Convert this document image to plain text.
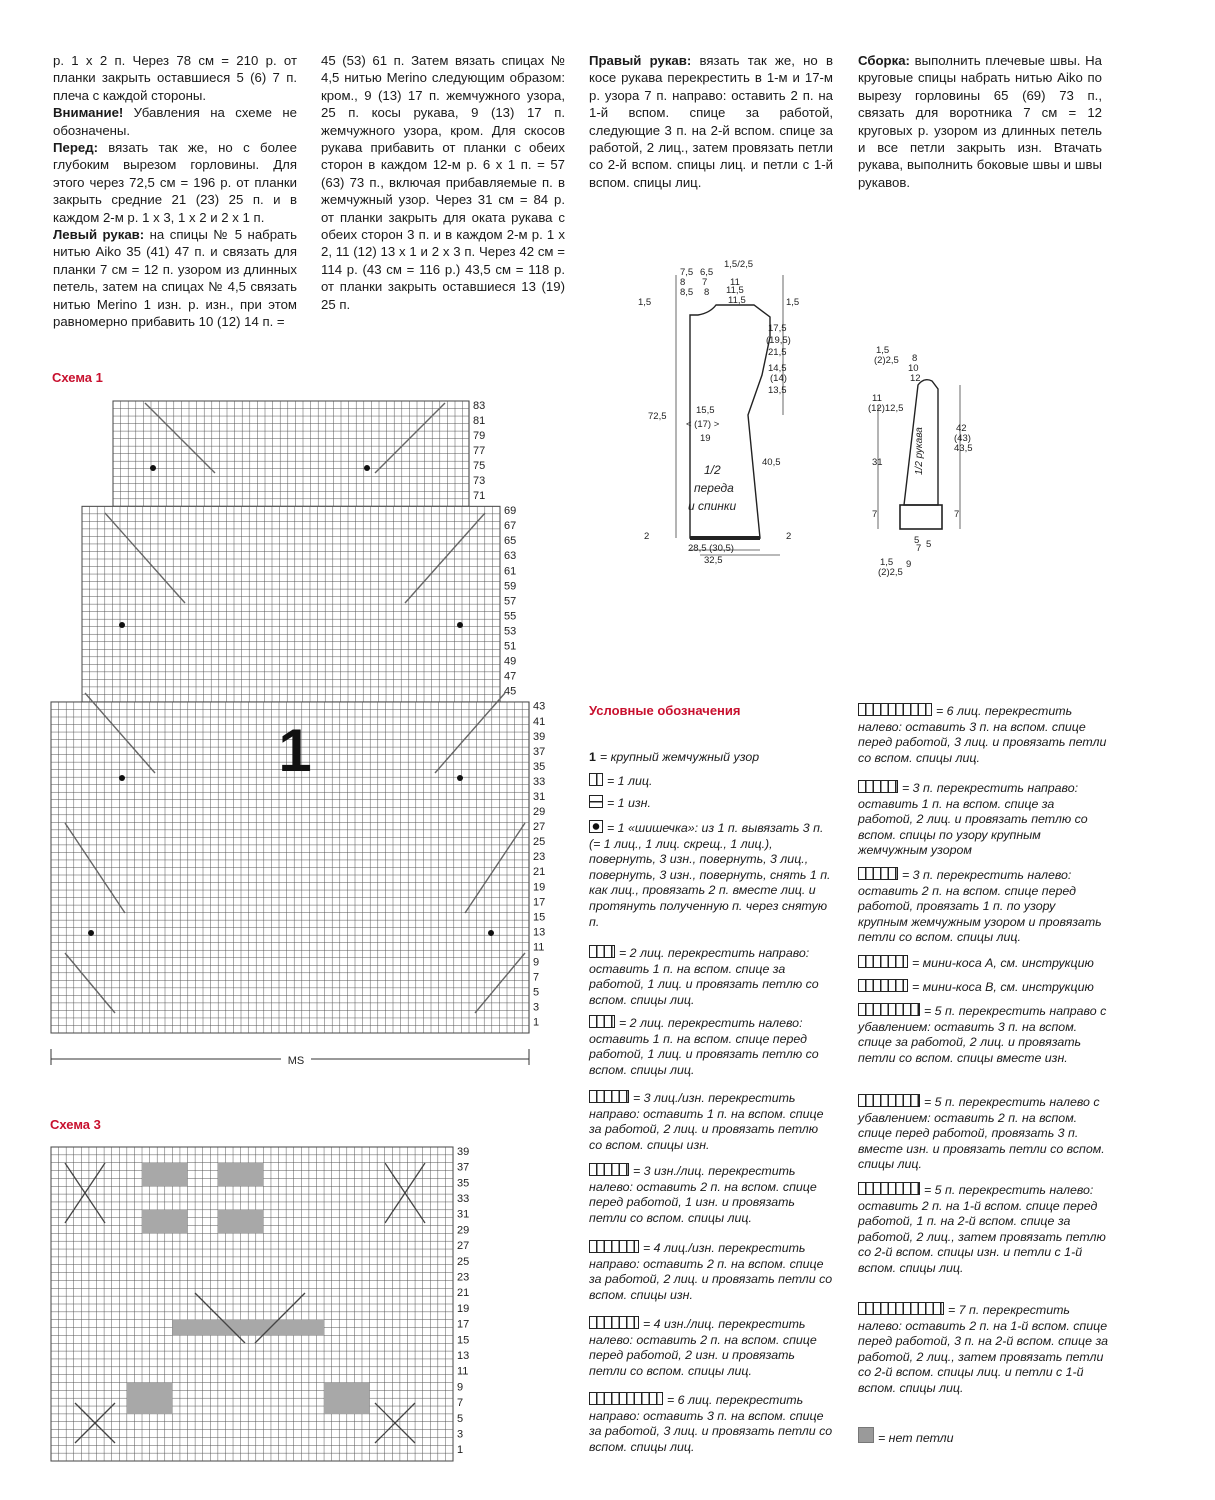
р. 1 х 2 п. Через 78 см = 210 р. от планки закрыть оставшиеся 5 (6) 7 п. плеча с каждой стороны.

Внимание! Убавления на схеме не обозначены.

Перед: вязать так же, но с более глубоким вырезом горловины. Для этого через 72,5 см = 196 р. от планки закрыть средние 21 (23) 25 п. и в каждом 2-м р. 1 х 3, 1 х 2 и 2 х 1 п.

Левый рукав: на спицы № 5 набрать нитью Aiko 35 (41) 47 п. и связать для планки 7 см = 12 п. узором из длинных петель, затем на спицах № 4,5 связать нитью Merino 1 изн. р. изн., при этом равномерно прибавить 10 (12) 14 п. =

45 (53) 61 п. Затем вязать спицах № 4,5 нитью Merino следующим образом: кром., 9 (13) 17 п. жемчужного узора, 25 п. косы рукава, 9 (13) 17 п. жемчужного узора, кром. Для скосов рукава прибавить от планки с обеих сторон в каждом 12-м р. 6 х 1 п. = 57 (63) 73 п., включая прибавляемые п. в жемчужный узор. Через 31 см = 84 р. от планки закрыть для оката рукава с обеих сторон 3 п. и в каждом 2-м р. 1 х 2, 11 (12) 13 х 1 и 2 х 3 п. Через 42 см = 114 р. (43 см = 116 р.) 43,5 см = 118 р. от планки закрыть оставшиеся 13 (19) 25 п.

Правый рукав: вязать так же, но в косе рукава перекрестить в 1-м и 17-м р. узора 7 п. направо: оставить 2 п. на 1-й вспом. спице за работой, следующие 3 п. на 2-й вспом. спице за работой, 2 лиц., затем провязать петли со 2-й вспом. спицы лиц. и петли с 1-й вспом. спицы лиц.

Сборка: выполнить плечевые швы. На круговые спицы набрать нитью Aiko по вырезу горловины 65 (69) 73 п., связать для воротника 7 см = 12 круговых р. узором из длинных петель и все петли закрыть изн. Втачать рукава, выполнить боковые швы и швы рукавов.

Схема 1
1
83
81
79
77
75
73
71
69
67
65
63
61
59
57
55
53
51
49
47
45
43
41
39
37
35
33
31
29
27
25
23
21
19
17
15
13
11
9
7
5
3
1
MS
Схема 3
39
37
35
33
31
29
27
25
23
21
19
17
15
13
11
9
7
5
3
1
7,5 6,5
1,5/2,5
8 7 11
8,5 8 11,5
11,5
1,5	1,5
17,5
(19,5)
21,5
14,5
(14)
13,5
15,5
< (17) >
19
72,5
40,5
1/2
переда
и спинки
2	2
28,5 (30,5)
32,5
1,5
(2)2,5 8
10
12
11
(12)12,5
42
(43)
43,5
31	1/2 рукава
7	7
5
7 5
1,5
(2)2,5
9
Условные обозначения
1 = крупный жемчужный узор
= 1 лиц.
= 1 изн.
= 1 «шишечка»: из 1 п. вывязать 3 п. (= 1 лиц., 1 лиц. скрещ., 1 лиц.), повернуть, 3 изн., повернуть, 3 лиц., повернуть, 3 изн., повернуть, снять 1 п. как лиц., провязать 2 п. вместе лиц. и протянуть полученную п. через снятую п.
= 2 лиц. перекрестить направо: оставить 1 п. на вспом. спице за работой, 1 лиц. и провязать петлю со вспом. спицы лиц.
= 2 лиц. перекрестить налево: оставить 1 п. на вспом. спице перед работой, 1 лиц. и провязать петлю со вспом. спицы лиц.
= 3 лиц./изн. перекрестить направо: оставить 1 п. на вспом. спице за работой, 2 лиц. и провязать петлю со вспом. спицы изн.
= 3 изн./лиц. перекрестить налево: оставить 2 п. на вспом. спице перед работой, 1 изн. и провязать петли со вспом. спицы лиц.
= 4 лиц./изн. перекрестить направо: оставить 2 п. на вспом. спице за работой, 2 лиц. и провязать петли со вспом. спицы изн.
= 4 изн./лиц. перекрестить налево: оставить 2 п. на вспом. спице перед работой, 2 изн. и провязать петли со вспом. спицы лиц.
= 6 лиц. перекрестить направо: оставить 3 п. на вспом. спице за работой, 3 лиц. и провязать петли со вспом. спицы лиц.
= 6 лиц. перекрестить налево: оставить 3 п. на вспом. спице перед работой, 3 лиц. и провязать петли со вспом. спицы лиц.
= 3 п. перекрестить направо: оставить 1 п. на вспом. спице за работой, 2 лиц. и провязать петлю со вспом. спицы по узору крупным жемчужным узором
= 3 п. перекрестить налево: оставить 2 п. на вспом. спице перед работой, провязать 1 п. по узору крупным жемчужным узором и провязать петли со вспом. спицы лиц.
= мини-коса A, см. инструкцию
= мини-коса B, см. инструкцию
= 5 п. перекрестить направо с убавлением: оставить 3 п. на вспом. спице за работой, 2 лиц. и провязать петли со вспом. спицы вместе изн.
= 5 п. перекрестить налево с убавлением: оставить 2 п. на вспом. спице перед работой, провязать 3 п. вместе изн. и провязать петли со вспом. спицы лиц.
= 5 п. перекрестить налево: оставить 2 п. на 1-й вспом. спице перед работой, 1 п. на 2-й вспом. спице за работой, 2 лиц., затем провязать петлю со 2-й вспом. спицы изн. и петли с 1-й вспом. спицы лиц.
= 7 п. перекрестить налево: оставить 2 п. на 1-й вспом. спице перед работой, 3 п. на 2-й вспом. спице за работой, 2 лиц., затем провязать петли со 2-й вспом. спицы лиц. и петли с 1-й вспом. спицы лиц.
= нет петли
